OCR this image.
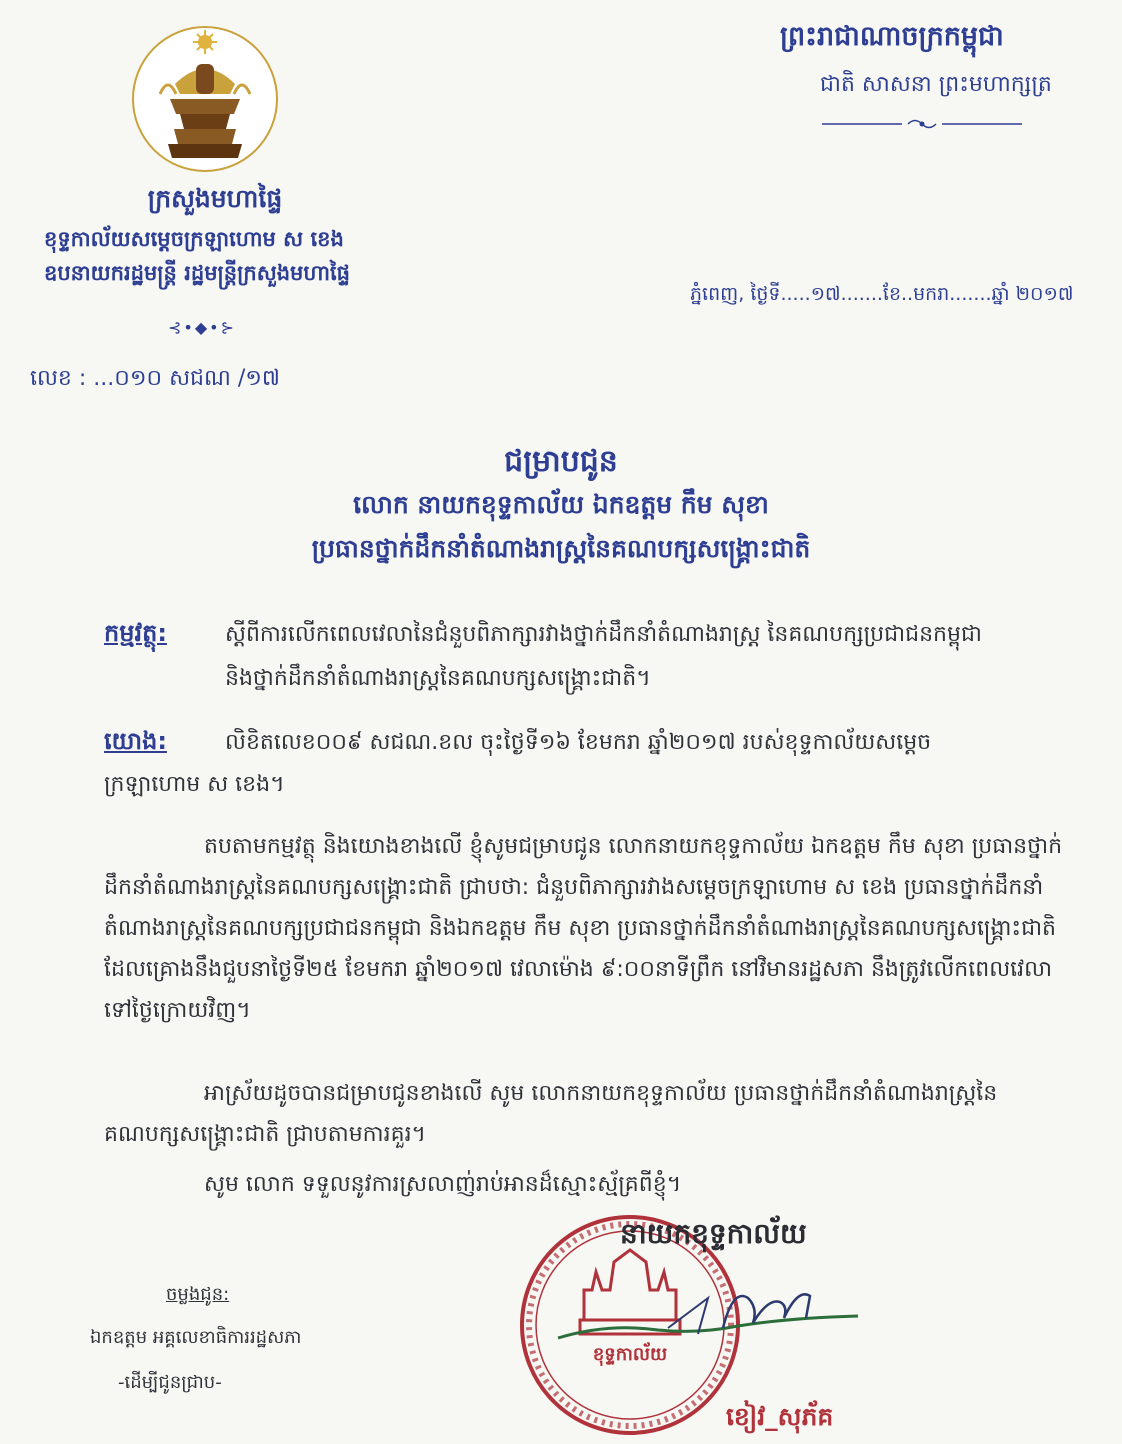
ក្រសួងមហាផ្ទៃ
ខុទ្ទកាល័យសម្តេចក្រឡាហោម ស ខេង
ឧបនាយករដ្ឋមន្ត្រី រដ្ឋមន្ត្រីក្រសួងមហាផ្ទៃ
⊰•◆•⊱
លេខ : ...០១០ សជណ /១៧
ព្រះរាជាណាចក្រកម្ពុជា
ជាតិ សាសនា ព្រះមហាក្សត្រ
ភ្នំពេញ, ថ្ងៃទី.....១៧.......ខែ..មករា.......ឆ្នាំ ២០១៧
ជម្រាបជូន
លោក នាយកខុទ្ទកាល័យ ឯកឧត្តម កឹម សុខា
ប្រធានថ្នាក់ដឹកនាំតំណាងរាស្ត្រនៃគណបក្សសង្គ្រោះជាតិ
កម្មវត្ថុ:	ស្តីពីការលើកពេលវេលានៃជំនួបពិភាក្សារវាងថ្នាក់ដឹកនាំតំណាងរាស្ត្រ នៃគណបក្សប្រជាជនកម្ពុជា
និងថ្នាក់ដឹកនាំតំណាងរាស្ត្រនៃគណបក្សសង្គ្រោះជាតិ។
យោង:	លិខិតលេខ០០៩ សជណ.ខល ចុះថ្ងៃទី១៦ ខែមករា ឆ្នាំ២០១៧ របស់ខុទ្ទកាល័យសម្តេច
ក្រឡាហោម ស ខេង។
តបតាមកម្មវត្ថុ និងយោងខាងលើ ខ្ញុំសូមជម្រាបជូន លោកនាយកខុទ្ទកាល័យ ឯកឧត្តម កឹម សុខា ប្រធានថ្នាក់ដឹកនាំតំណាងរាស្ត្រនៃគណបក្សសង្គ្រោះជាតិ ជ្រាបថា: ជំនួបពិភាក្សារវាងសម្តេចក្រឡាហោម ស ខេង ប្រធានថ្នាក់ដឹកនាំតំណាងរាស្ត្រនៃគណបក្សប្រជាជនកម្ពុជា និងឯកឧត្តម កឹម សុខា ប្រធានថ្នាក់ដឹកនាំតំណាងរាស្ត្រនៃគណបក្សសង្គ្រោះជាតិ ដែលគ្រោងនឹងជួបនាថ្ងៃទី២៥ ខែមករា ឆ្នាំ២០១៧ វេលាម៉ោង ៩:០០នាទីព្រឹក នៅវិមានរដ្ឋសភា នឹងត្រូវលើកពេលវេលាទៅថ្ងៃក្រោយវិញ។
អាស្រ័យដូចបានជម្រាបជូនខាងលើ សូម លោកនាយកខុទ្ទកាល័យ ប្រធានថ្នាក់ដឹកនាំតំណាងរាស្ត្រនៃគណបក្សសង្គ្រោះជាតិ ជ្រាបតាមការគួរ។
សូម លោក ទទួលនូវការស្រលាញ់រាប់អានដ៏ស្មោះស្ម័គ្រពីខ្ញុំ។
ខុទ្ទកាល័យ
នាយកខុទ្ទកាល័យ
ខៀវ_សុភ័គ
ចម្លងជូន:
ឯកឧត្តម អគ្គលេខាធិការរដ្ឋសភា
-ដើម្បីជូនជ្រាប-
